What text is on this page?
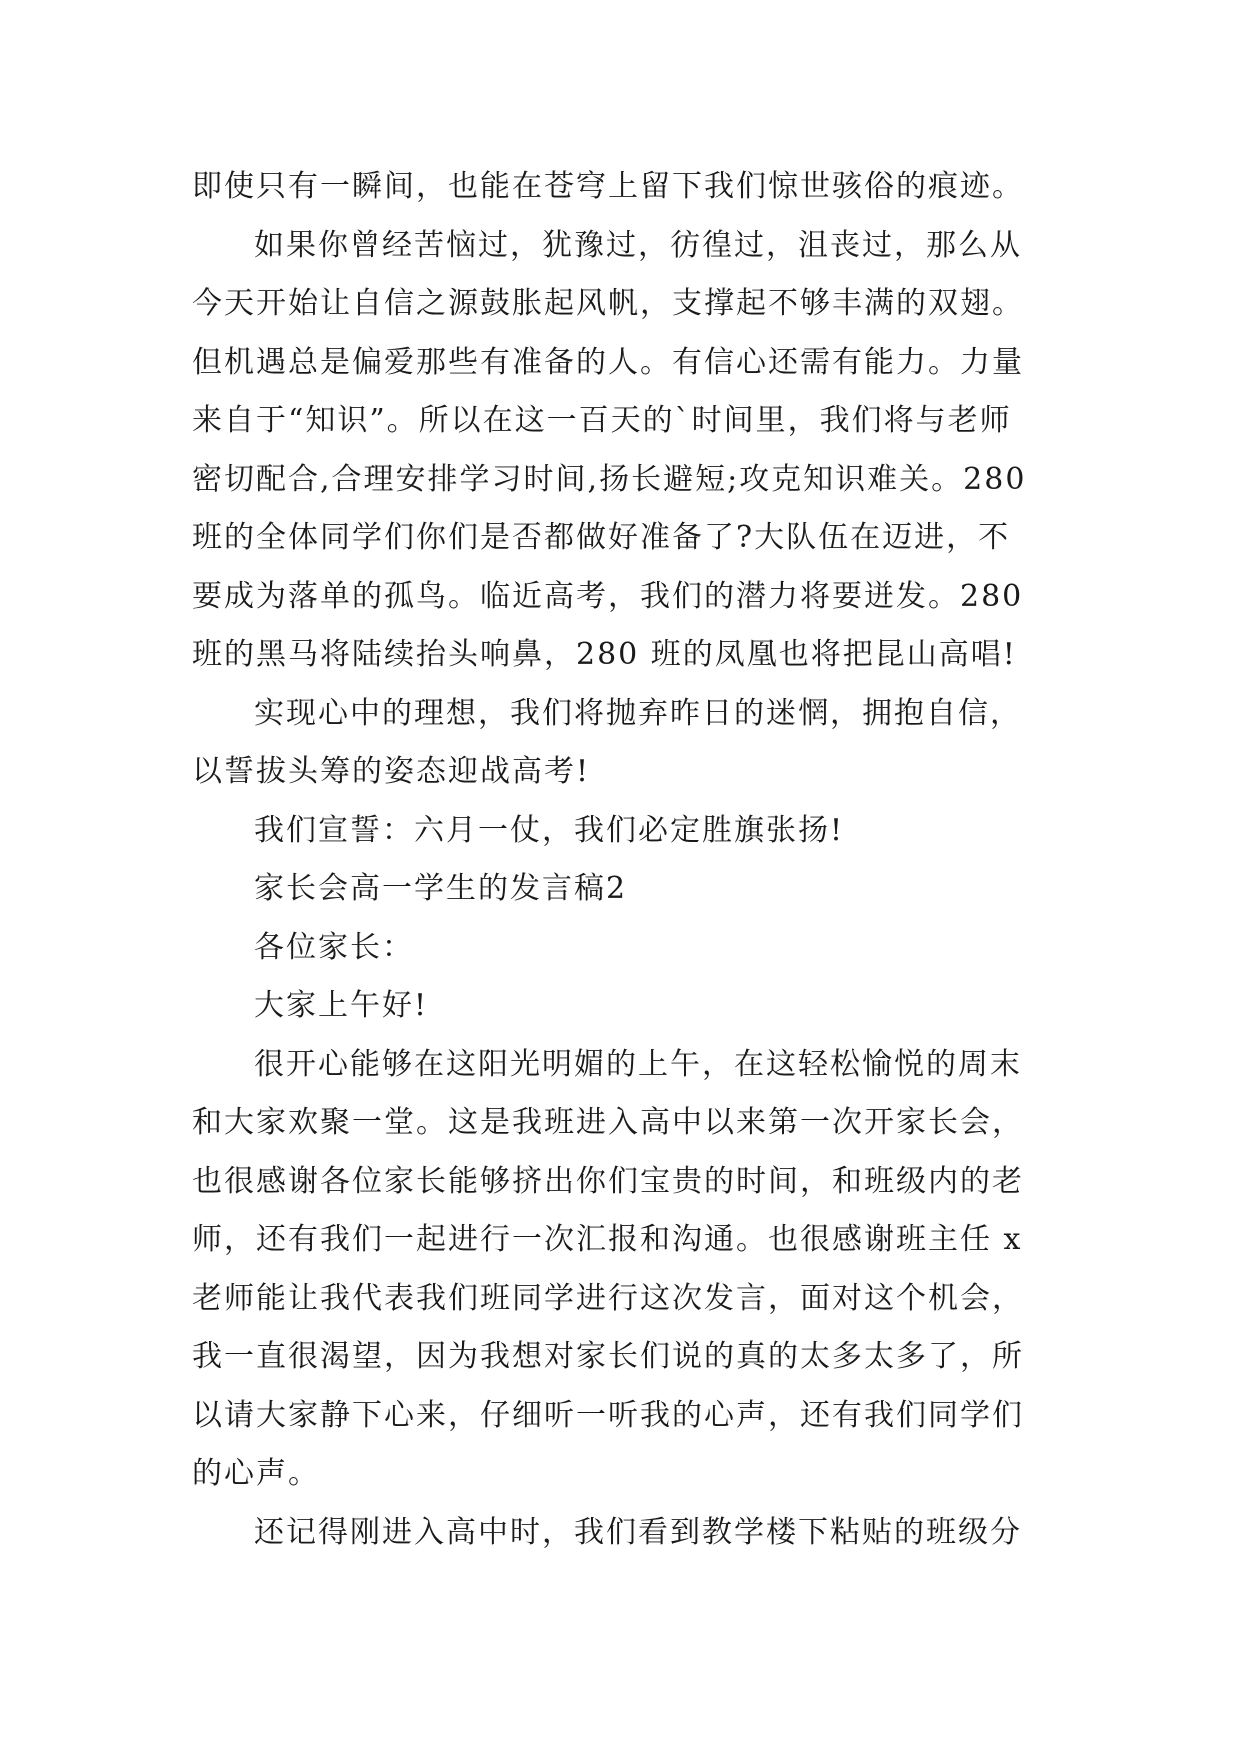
即使只有一瞬间，也能在苍穹上留下我们惊世骇俗的痕迹。
如果你曾经苦恼过，犹豫过，彷徨过，沮丧过，那么从
今天开始让自信之源鼓胀起风帆，支撑起不够丰满的双翅。
但机遇总是偏爱那些有准备的人。有信心还需有能力。力量
来自于“知识”。所以在这一百天的`时间里，我们将与老师
密切配合,合理安排学习时间,扬长避短;攻克知识难关。280
班的全体同学们你们是否都做好准备了?大队伍在迈进，不
要成为落单的孤鸟。临近高考，我们的潜力将要迸发。280
班的黑马将陆续抬头响鼻，280 班的凤凰也将把昆山高唱!
实现心中的理想，我们将抛弃昨日的迷惘，拥抱自信，
以誓拔头筹的姿态迎战高考!
我们宣誓：六月一仗，我们必定胜旗张扬!
家长会高一学生的发言稿2
各位家长：
大家上午好!
很开心能够在这阳光明媚的上午，在这轻松愉悦的周末
和大家欢聚一堂。这是我班进入高中以来第一次开家长会，
也很感谢各位家长能够挤出你们宝贵的时间，和班级内的老
师，还有我们一起进行一次汇报和沟通。也很感谢班主任 x
老师能让我代表我们班同学进行这次发言，面对这个机会，
我一直很渴望，因为我想对家长们说的真的太多太多了，所
以请大家静下心来，仔细听一听我的心声，还有我们同学们
的心声。
还记得刚进入高中时，我们看到教学楼下粘贴的班级分
